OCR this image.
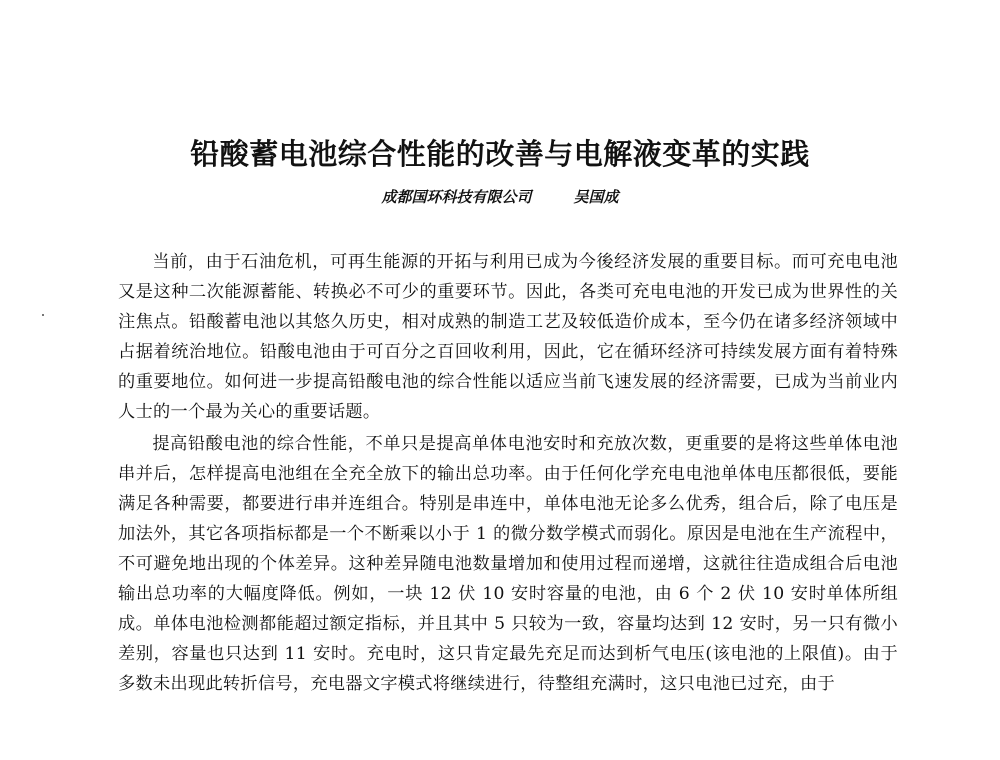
铅酸蓄电池综合性能的改善与电解液变革的实践
成都国环科技有限公司	吴国成

当前，由于石油危机，可再生能源的开拓与利用已成为今後经济发展的重要目标。而可充电电池又是这种二次能源蓄能、转换必不可少的重要环节。因此，各类可充电电池的开发已成为世界性的关注焦点。铅酸蓄电池以其悠久历史，相对成熟的制造工艺及较低造价成本，至今仍在诸多经济领域中占据着统治地位。铅酸电池由于可百分之百回收利用，因此，它在循环经济可持续发展方面有着特殊的重要地位。如何进一步提高铅酸电池的综合性能以适应当前飞速发展的经济需要，已成为当前业内人士的一个最为关心的重要话题。

提高铅酸电池的综合性能，不单只是提高单体电池安时和充放次数，更重要的是将这些单体电池串并后，怎样提高电池组在全充全放下的输出总功率。由于任何化学充电电池单体电压都很低，要能满足各种需要，都要进行串并连组合。特别是串连中，单体电池无论多么优秀，组合后，除了电压是加法外，其它各项指标都是一个不断乘以小于 1 的微分数学模式而弱化。原因是电池在生产流程中，不可避免地出现的个体差异。这种差异随电池数量增加和使用过程而递增，这就往往造成组合后电池输出总功率的大幅度降低。例如，一块 12 伏 10 安时容量的电池，由 6 个 2 伏 10 安时单体所组成。单体电池检测都能超过额定指标，并且其中 5 只较为一致，容量均达到 12 安时，另一只有微小差别，容量也只达到 11 安时。充电时，这只肯定最先充足而达到析气电压(该电池的上限值)。由于多数未出现此转折信号，充电器文字模式将继续进行，待整组充满时，这只电池已过充，由于
